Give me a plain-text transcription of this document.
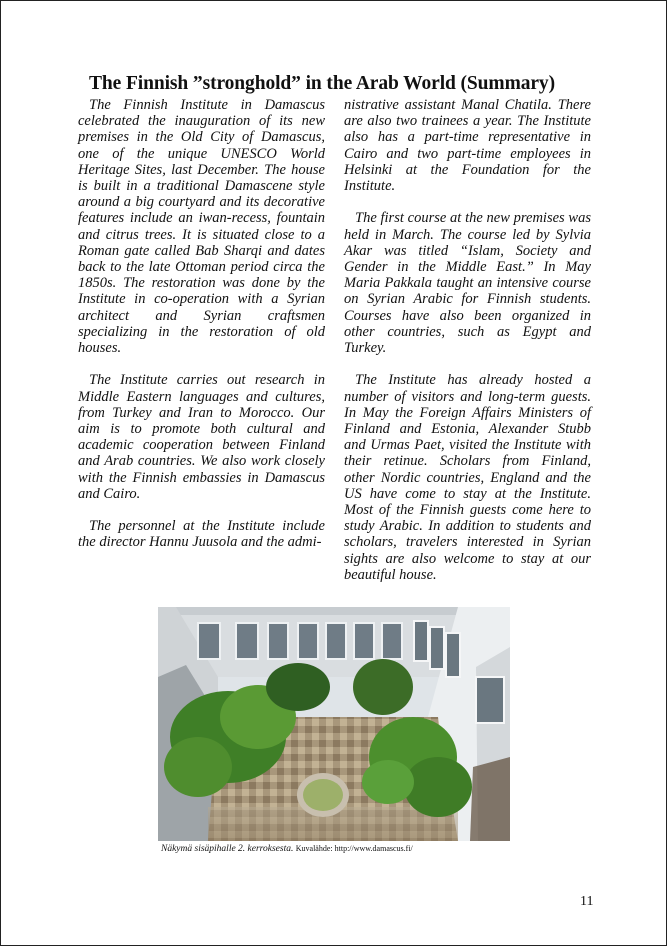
The Finnish ”stronghold” in the Arab World (Summary)

The Finnish Institute in Damascus celebrated the inauguration of its new premises in the Old City of Damascus, one of the unique UNESCO World Heritage Sites, last December. The house is built in a traditional Damascene style around a big courtyard and its decorative features include an iwan-recess, fountain and citrus trees. It is situated close to a Roman gate called Bab Sharqi and dates back to the late Ottoman period circa the 1850s. The restoration was done by the Institute in co-operation with a Syrian architect and Syrian craftsmen specializing in the restoration of old houses.

The Institute carries out research in Middle Eastern languages and cultures, from Turkey and Iran to Morocco. Our aim is to promote both cultural and academic cooperation between Finland and Arab countries. We also work closely with the Finnish embassies in Damascus and Cairo.

The personnel at the Institute include the director Hannu Juusola and the admi-

nistrative assistant Manal Chatila. There are also two trainees a year. The Institute also has a part-time representative in Cairo and two part-time employees in Helsinki at the Foundation for the Institute.

The first course at the new premises was held in March. The course led by Sylvia Akar was titled “Islam, Society and Gender in the Middle East.” In May Maria Pakkala taught an intensive course on Syrian Arabic for Finnish students. Courses have also been organized in other countries, such as Egypt and Turkey.

The Institute has already hosted a number of visitors and long-term guests. In May the Foreign Affairs Ministers of Finland and Estonia, Alexander Stubb and Urmas Paet, visited the Institute with their retinue. Scholars from Finland, other Nordic countries, England and the US have come to stay at the Institute. Most of the Finnish guests come here to study Arabic. In addition to students and scholars, travelers interested in Syrian sights are also welcome to stay at our beautiful house.

Näkymä sisäpihalle 2. kerroksesta. Kuvalähde: http://www.damascus.fi/
11
